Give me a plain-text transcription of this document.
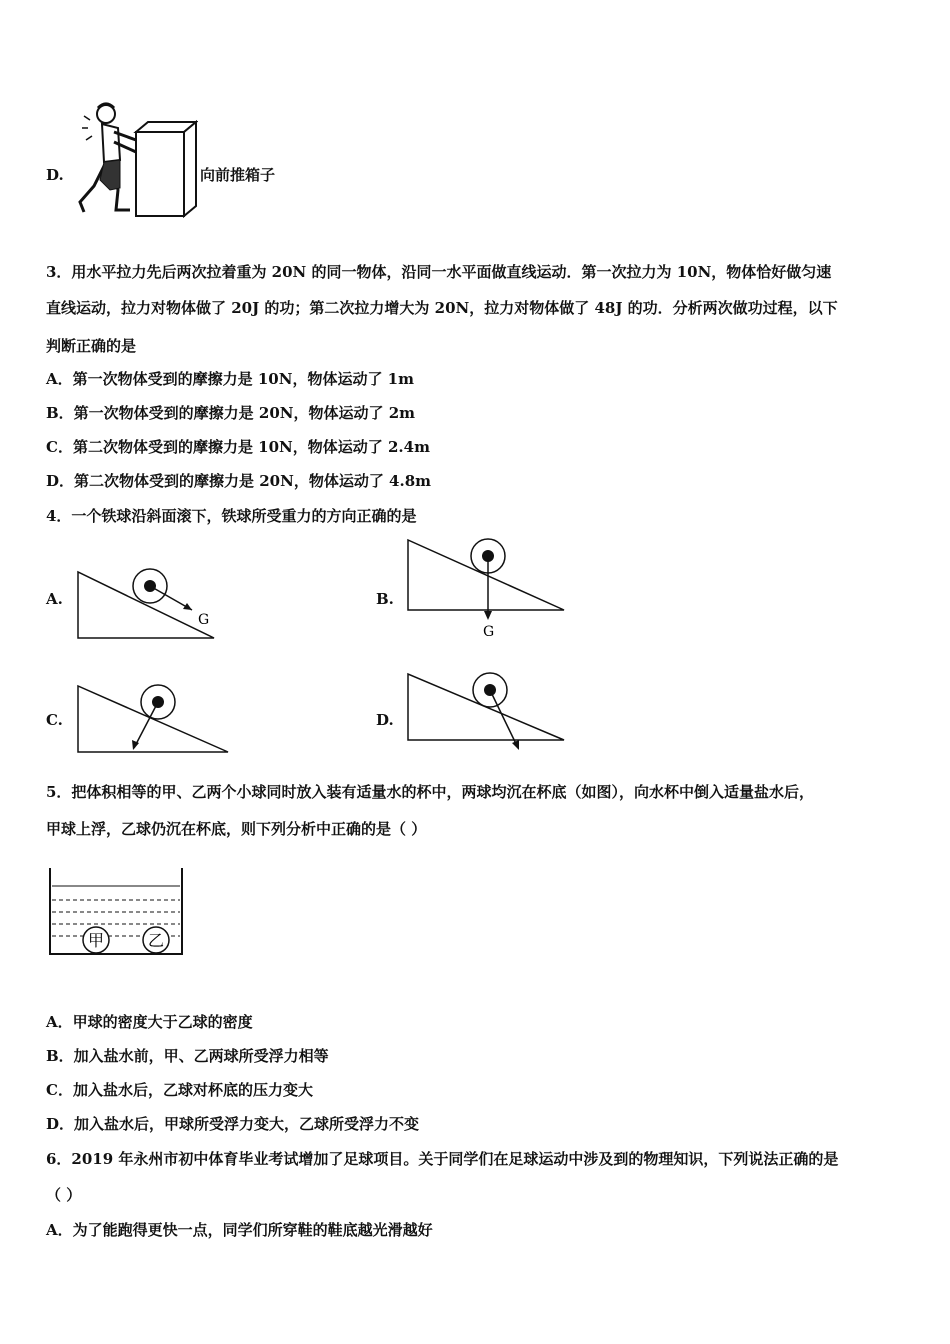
D.	向前推箱子
3．用水平拉力先后两次拉着重为 20N 的同一物体，沿同一水平面做直线运动．第一次拉力为 10N，物体恰好做匀速
直线运动，拉力对物体做了 20J 的功；第二次拉力增大为 20N，拉力对物体做了 48J 的功．分析两次做功过程，以下
判断正确的是
A．第一次物体受到的摩擦力是 10N，物体运动了 1m
B．第一次物体受到的摩擦力是 20N，物体运动了 2m
C．第二次物体受到的摩擦力是 10N，物体运动了 2.4m
D．第二次物体受到的摩擦力是 20N，物体运动了 4.8m
4．一个铁球沿斜面滚下，铁球所受重力的方向正确的是
A.
G
B.
G
C.	D.
5．把体积相等的甲、乙两个小球同时放入装有适量水的杯中，两球均沉在杯底（如图），向水杯中倒入适量盐水后，
甲球上浮，乙球仍沉在杯底，则下列分析中正确的是（ ）
甲	乙
A．甲球的密度大于乙球的密度
B．加入盐水前，甲、乙两球所受浮力相等
C．加入盐水后，乙球对杯底的压力变大
D．加入盐水后，甲球所受浮力变大，乙球所受浮力不变
6．2019 年永州市初中体育毕业考试增加了足球项目。关于同学们在足球运动中涉及到的物理知识，下列说法正确的是
（ ）
A．为了能跑得更快一点，同学们所穿鞋的鞋底越光滑越好
